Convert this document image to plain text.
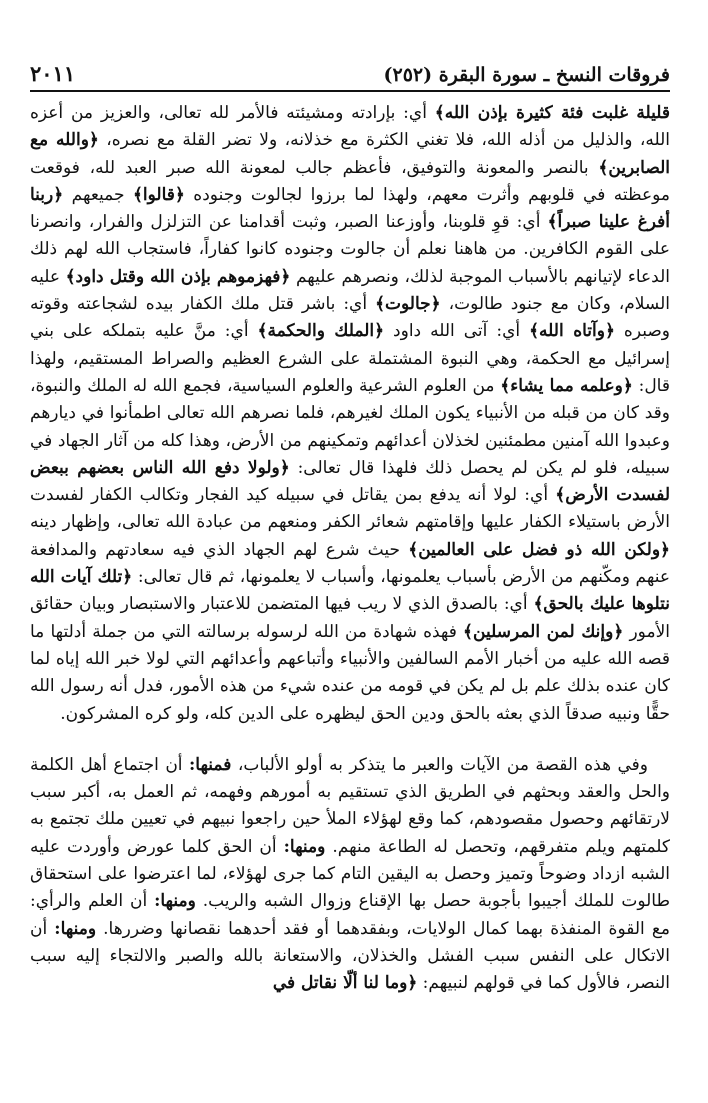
فروقات النسخ ـ سورة البقرة (٢٥٢)
٢٠١١

قليلة غلبت فئة كثيرة بإذن الله﴾ أي: بإرادته ومشيئته فالأمر لله تعالى، والعزيز من أعزه الله، والذليل من أذله الله، فلا تغني الكثرة مع خذلانه، ولا تضر القلة مع نصره، ﴿والله مع الصابرين﴾ بالنصر والمعونة والتوفيق، فأعظم جالب لمعونة الله صبر العبد لله، فوقعت موعظته في قلوبهم وأثرت معهم، ولهذا لما برزوا لجالوت وجنوده ﴿قالوا﴾ جميعهم ﴿ربنا أفرغ علينا صبراً﴾ أي: قوِ قلوبنا، وأوزعنا الصبر، وثبت أقدامنا عن التزلزل والفرار، وانصرنا على القوم الكافرين. من هاهنا نعلم أن جالوت وجنوده كانوا كفاراً، فاستجاب الله لهم ذلك الدعاء لإتيانهم بالأسباب الموجبة لذلك، ونصرهم عليهم ﴿فهزموهم بإذن الله وقتل داود﴾ عليه السلام، وكان مع جنود طالوت، ﴿جالوت﴾ أي: باشر قتل ملك الكفار بيده لشجاعته وقوته وصبره ﴿وآتاه الله﴾ أي: آتى الله داود ﴿الملك والحكمة﴾ أي: منَّ عليه بتملكه على بني إسرائيل مع الحكمة، وهي النبوة المشتملة على الشرع العظيم والصراط المستقيم، ولهذا قال: ﴿وعلمه مما يشاء﴾ من العلوم الشرعية والعلوم السياسية، فجمع الله له الملك والنبوة، وقد كان من قبله من الأنبياء يكون الملك لغيرهم، فلما نصرهم الله تعالى اطمأنوا في ديارهم وعبدوا الله آمنين مطمئنين لخذلان أعدائهم وتمكينهم من الأرض، وهذا كله من آثار الجهاد في سبيله، فلو لم يكن لم يحصل ذلك فلهذا قال تعالى: ﴿ولولا دفع الله الناس بعضهم ببعض لفسدت الأرض﴾ أي: لولا أنه يدفع بمن يقاتل في سبيله كيد الفجار وتكالب الكفار لفسدت الأرض باستيلاء الكفار عليها وإقامتهم شعائر الكفر ومنعهم من عبادة الله تعالى، وإظهار دينه ﴿ولكن الله ذو فضل على العالمين﴾ حيث شرع لهم الجهاد الذي فيه سعادتهم والمدافعة عنهم ومكّنهم من الأرض بأسباب يعلمونها، وأسباب لا يعلمونها، ثم قال تعالى: ﴿تلك آيات الله نتلوها عليك بالحق﴾ أي: بالصدق الذي لا ريب فيها المتضمن للاعتبار والاستبصار وبيان حقائق الأمور ﴿وإنك لمن المرسلين﴾ فهذه شهادة من الله لرسوله برسالته التي من جملة أدلتها ما قصه الله عليه من أخبار الأمم السالفين والأنبياء وأتباعهم وأعدائهم التي لولا خبر الله إياه لما كان عنده بذلك علم بل لم يكن في قومه من عنده شيء من هذه الأمور، فدل أنه رسول الله حقًّا ونبيه صدقاً الذي بعثه بالحق ودين الحق ليظهره على الدين كله، ولو كره المشركون.

وفي هذه القصة من الآيات والعبر ما يتذكر به أولو الألباب، فمنها: أن اجتماع أهل الكلمة والحل والعقد وبحثهم في الطريق الذي تستقيم به أمورهم وفهمه، ثم العمل به، أكبر سبب لارتقائهم وحصول مقصودهم، كما وقع لهؤلاء الملأ حين راجعوا نبيهم في تعيين ملك تجتمع به كلمتهم ويلم متفرقهم، وتحصل له الطاعة منهم. ومنها: أن الحق كلما عورض وأوردت عليه الشبه ازداد وضوحاً وتميز وحصل به اليقين التام كما جرى لهؤلاء، لما اعترضوا على استحقاق طالوت للملك أجيبوا بأجوبة حصل بها الإقناع وزوال الشبه والريب. ومنها: أن العلم والرأي: مع القوة المنفذة بهما كمال الولايات، وبفقدهما أو فقد أحدهما نقصانها وضررها. ومنها: أن الاتكال على النفس سبب الفشل والخذلان، والاستعانة بالله والصبر والالتجاء إليه سبب النصر، فالأول كما في قولهم لنبيهم: ﴿وما لنا ألّا نقاتل في
